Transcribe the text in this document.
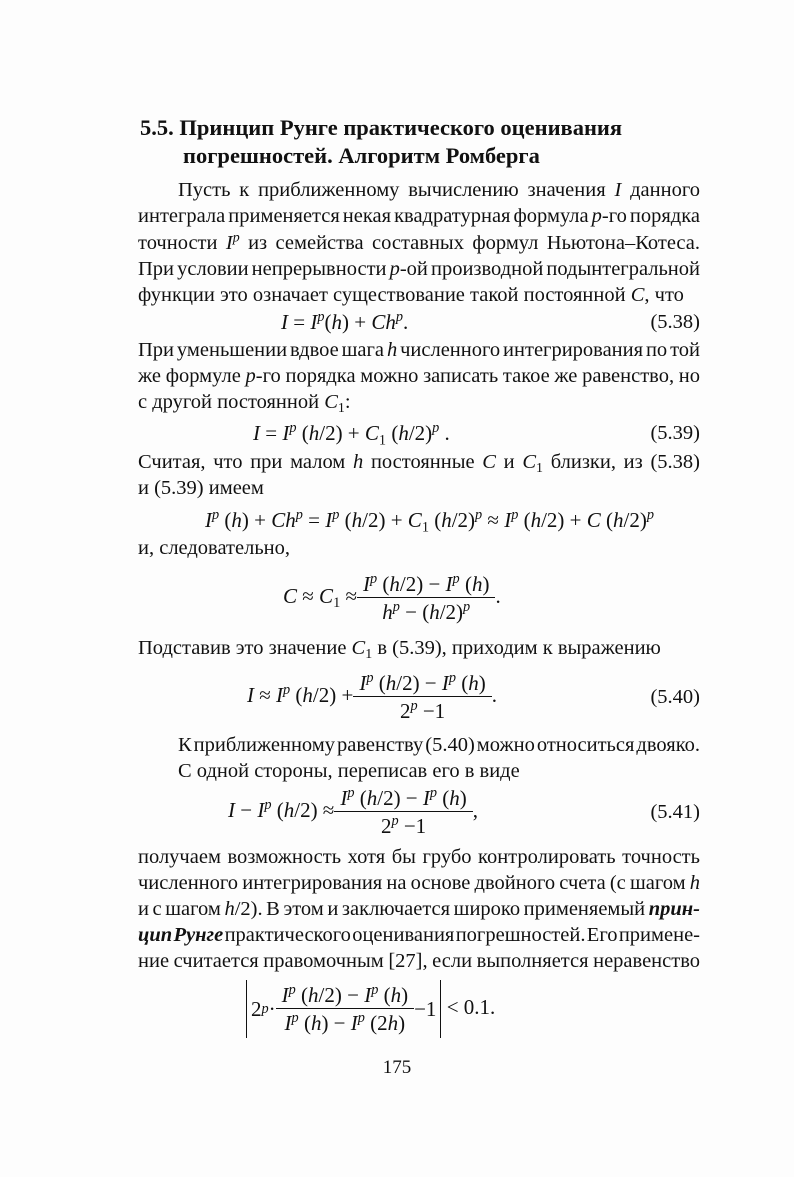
5.5. Принцип Рунге практического оценивания
погрешностей. Алгоритм Ромберга
Пусть к приближенному вычислению значения I данного
интеграла применяется некая квадратурная формула p-го порядка
точности $I^p$ из семейства составных формул Ньютона–Котеса.
При условии непрерывности p-ой производной подынтегральной
функции это означает существование такой постоянной C, что
$I = I^p(h) + Ch^p$.	(5.38)
При уменьшении вдвое шага h численного интегрирования по той
же формуле p-го порядка можно записать такое же равенство, но
с другой постоянной $C_1$:
$I = I^p$ $(h/2) + C_1$ $(h/2)^p$ .	(5.39)
Считая, что при малом h постоянные C и $C_1$ близки, из (5.38)
и (5.39) имеем
$I^p$ $(h) + Ch^p = I^p$ $(h/2) + C_1$ $(h/2)^p \approx I^p$ (h/2) + C $(h/2)^p$
и, следовательно,
$C \approx C_1 \approx \frac{I^p (h/2) - I^p (h)}{h^p - (h/2)^p}$ .
Подставив это значение $C_1$ в (5.39), приходим к выражению
$I \approx I^p$ $(h/2) + \frac{I^p (h/2) - I^p (h)}{2^p -1}$ .	(5.40)
К приближенному равенству (5.40) можно относиться двояко.
С одной стороны, переписав его в виде
$I - I^p$ $(h/2) \approx \frac{I^p (h/2) - I^p (h)}{2^p -1}$ ,	(5.41)
получаем возможность хотя бы грубо контролировать точность
численного интегрирования на основе двойного счета (с шагом h
и с шагом h/2). В этом и заключается широко применяемый прин-
цип Рунге практического оценивания погрешностей. Его примене-
ние считается правомочным [27], если выполняется неравенство
2 $p \cdot \frac{I^p (h/2) - I^p (h)}{I^p (h) - I^p (2h)} -1 < 0.1$.
175
